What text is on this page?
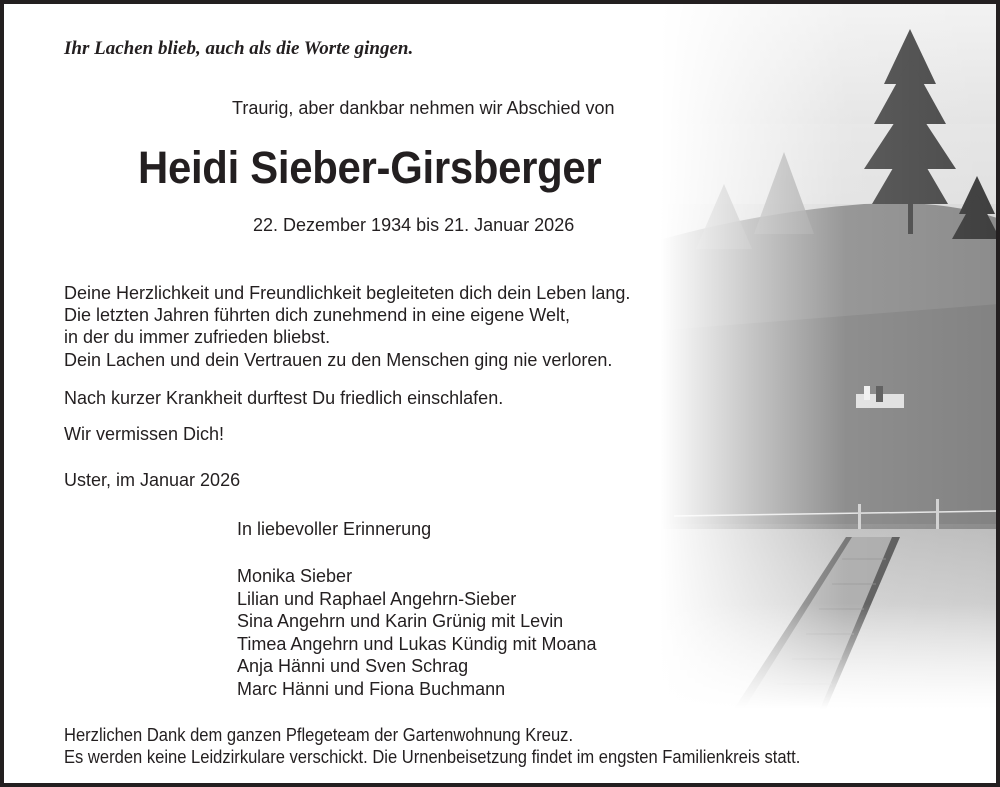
Ihr Lachen blieb, auch als die Worte gingen.
Traurig, aber dankbar nehmen wir Abschied von
Heidi Sieber-Girsberger
22. Dezember 1934 bis 21. Januar 2026
Deine Herzlichkeit und Freundlichkeit begleiteten dich dein Leben lang.
Die letzten Jahren führten dich zunehmend in eine eigene Welt,
in der du immer zufrieden bliebst.
Dein Lachen und dein Vertrauen zu den Menschen ging nie verloren.
Nach kurzer Krankheit durftest Du friedlich einschlafen.
Wir vermissen Dich!
Uster, im Januar 2026
In liebevoller Erinnerung
Monika Sieber
Lilian und Raphael Angehrn-Sieber
Sina Angehrn und Karin Grünig mit Levin
Timea Angehrn und Lukas Kündig mit Moana
Anja Hänni und Sven Schrag
Marc Hänni und Fiona Buchmann
Herzlichen Dank dem ganzen Pflegeteam der Gartenwohnung Kreuz.
Es werden keine Leidzirkulare verschickt. Die Urnenbeisetzung findet im engsten Familienkreis statt.
